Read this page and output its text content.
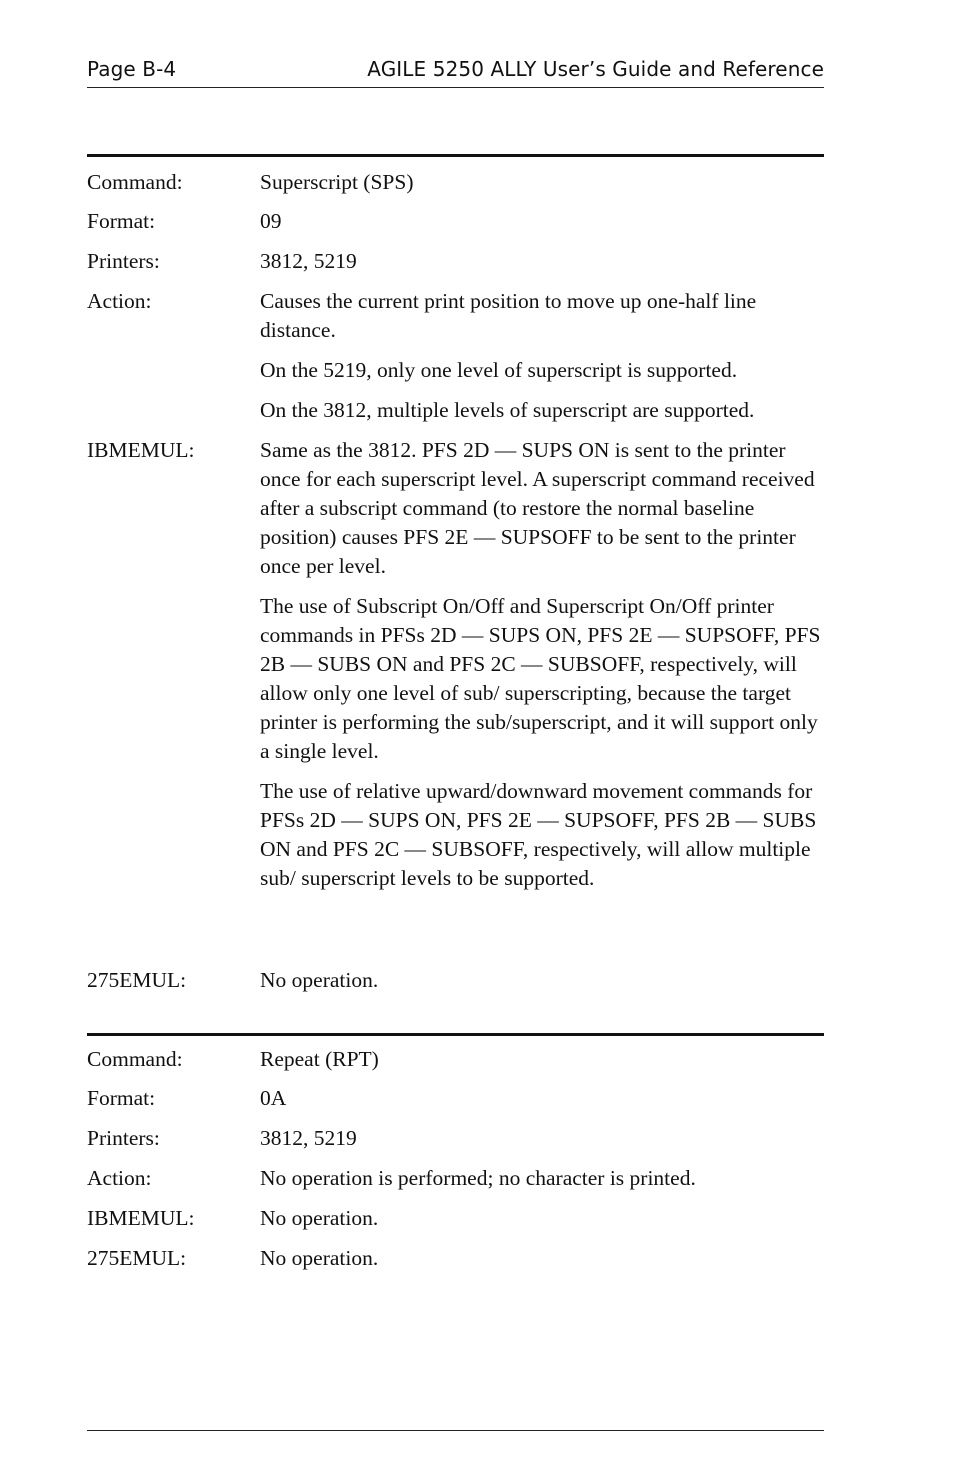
Page B-4	AGILE 5250 ALLY User’s Guide and Reference
Command:	Superscript (SPS)

Format:	09

Printers:	3812, 5219

Action:	Causes the current print position to move up one-half line distance.

On the 5219, only one level of superscript is supported.

On the 3812, multiple levels of superscript are supported.

IBMEMUL:	Same as the 3812. PFS 2D — SUPS ON is sent to the printer once for each superscript level. A superscript command received after a subscript command (to restore the normal baseline position) causes PFS 2E — SUPSOFF to be sent to the printer once per level.

The use of Subscript On/Off and Superscript On/Off printer commands in PFSs 2D — SUPS ON, PFS 2E — SUPSOFF, PFS 2B — SUBS ON and PFS 2C — SUBSOFF, respectively, will allow only one level of sub/ superscripting, because the target printer is performing the sub/superscript, and it will support only a single level.

The use of relative upward/downward movement commands for PFSs 2D — SUPS ON, PFS 2E — SUPSOFF, PFS 2B — SUBS ON and PFS 2C — SUBSOFF, respectively, will allow multiple sub/ superscript levels to be supported.

275EMUL:	No operation.

Command:	Repeat (RPT)

Format:	0A

Printers:	3812, 5219

Action:	No operation is performed; no character is printed.

IBMEMUL:	No operation.

275EMUL:	No operation.
